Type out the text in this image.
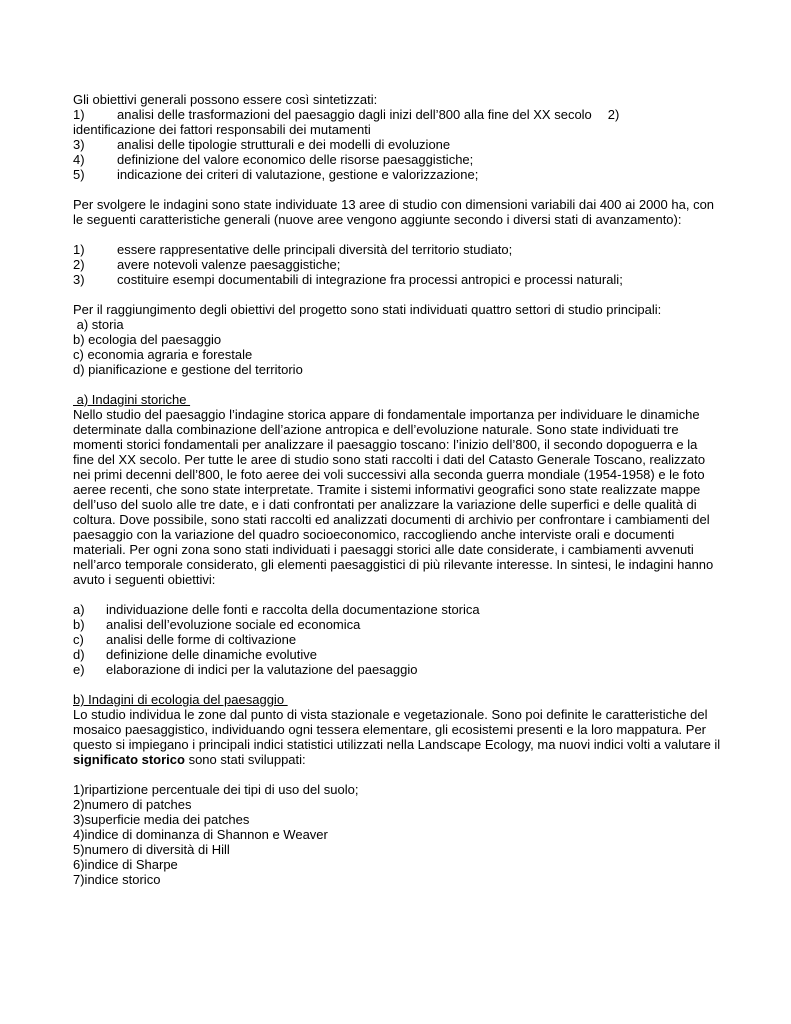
Gli obiettivi generali possono essere così sintetizzati:

1)	analisi delle trasformazioni del paesaggio dagli inizi dell’800 alla fine del XX secolo 2)

identificazione dei fattori responsabili dei mutamenti

3)	analisi delle tipologie strutturali e dei modelli di evoluzione
4)	definizione del valore economico delle risorse paesaggistiche;
5)	indicazione dei criteri di valutazione, gestione e valorizzazione;

Per svolgere le indagini sono state individuate 13 aree di studio con dimensioni variabili dai 400 ai 2000 ha, con

le seguenti caratteristiche generali (nuove aree vengono aggiunte secondo i diversi stati di avanzamento):

1)	essere rappresentative delle principali diversità del territorio studiato;
2)	avere notevoli valenze paesaggistiche;
3)	costituire esempi documentabili di integrazione fra processi antropici e processi naturali;

Per il raggiungimento degli obiettivi del progetto sono stati individuati quattro settori di studio principali:

a) storia

b) ecologia del paesaggio

c) economia agraria e forestale

d) pianificazione e gestione del territorio

a) Indagini storiche

Nello studio del paesaggio l’indagine storica appare di fondamentale importanza per individuare le dinamiche

determinate dalla combinazione dell’azione antropica e dell’evoluzione naturale. Sono state individuati tre

momenti storici fondamentali per analizzare il paesaggio toscano: l’inizio dell’800, il secondo dopoguerra e la

fine del XX secolo. Per tutte le aree di studio sono stati raccolti i dati del Catasto Generale Toscano, realizzato

nei primi decenni dell’800, le foto aeree dei voli successivi alla seconda guerra mondiale (1954-1958) e le foto

aeree recenti, che sono state interpretate. Tramite i sistemi informativi geografici sono state realizzate mappe

dell’uso del suolo alle tre date, e i dati confrontati per analizzare la variazione delle superfici e delle qualità di

coltura. Dove possibile, sono stati raccolti ed analizzati documenti di archivio per confrontare i cambiamenti del

paesaggio con la variazione del quadro socioeconomico, raccogliendo anche interviste orali e documenti

materiali. Per ogni zona sono stati individuati i paesaggi storici alle date considerate, i cambiamenti avvenuti

nell’arco temporale considerato, gli elementi paesaggistici di più rilevante interesse. In sintesi, le indagini hanno

avuto i seguenti obiettivi:

a)	individuazione delle fonti e raccolta della documentazione storica
b)	analisi dell’evoluzione sociale ed economica
c)	analisi delle forme di coltivazione
d)	definizione delle dinamiche evolutive
e)	elaborazione di indici per la valutazione del paesaggio

b) Indagini di ecologia del paesaggio

Lo studio individua le zone dal punto di vista stazionale e vegetazionale. Sono poi definite le caratteristiche del

mosaico paesaggistico, individuando ogni tessera elementare, gli ecosistemi presenti e la loro mappatura. Per

questo si impiegano i principali indici statistici utilizzati nella Landscape Ecology, ma nuovi indici volti a valutare il

significato storico sono stati sviluppati:

1)ripartizione percentuale dei tipi di uso del suolo;

2)numero di patches

3)superficie media dei patches

4)indice di dominanza di Shannon e Weaver

5)numero di diversità di Hill

6)indice di Sharpe

7)indice storico
